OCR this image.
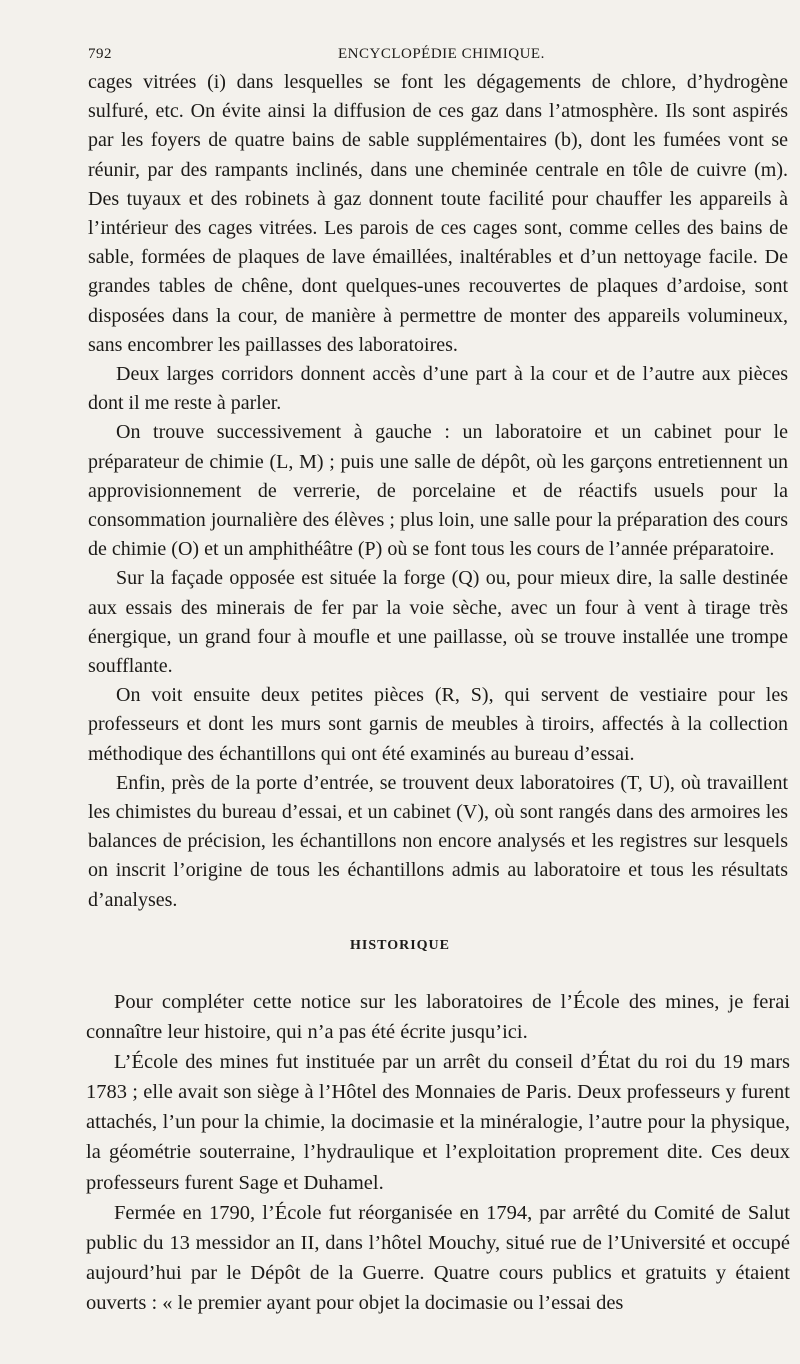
792	ENCYCLOPÉDIE CHIMIQUE.

cages vitrées (i) dans lesquelles se font les dégagements de chlore, d’hydrogène sulfuré, etc. On évite ainsi la diffusion de ces gaz dans l’atmosphère. Ils sont aspirés par les foyers de quatre bains de sable supplémentaires (b), dont les fumées vont se réunir, par des rampants inclinés, dans une cheminée centrale en tôle de cuivre (m). Des tuyaux et des robinets à gaz donnent toute facilité pour chauffer les appareils à l’intérieur des cages vitrées. Les parois de ces cages sont, comme celles des bains de sable, formées de plaques de lave émaillées, inaltérables et d’un nettoyage facile. De grandes tables de chêne, dont quelques-unes recouvertes de plaques d’ardoise, sont disposées dans la cour, de manière à permettre de monter des appareils volumineux, sans encombrer les paillasses des laboratoires.

Deux larges corridors donnent accès d’une part à la cour et de l’autre aux pièces dont il me reste à parler.

On trouve successivement à gauche : un laboratoire et un cabinet pour le préparateur de chimie (L, M) ; puis une salle de dépôt, où les garçons entretiennent un approvisionnement de verrerie, de porcelaine et de réactifs usuels pour la consommation journalière des élèves ; plus loin, une salle pour la préparation des cours de chimie (O) et un amphithéâtre (P) où se font tous les cours de l’année préparatoire.

Sur la façade opposée est située la forge (Q) ou, pour mieux dire, la salle destinée aux essais des minerais de fer par la voie sèche, avec un four à vent à tirage très énergique, un grand four à moufle et une paillasse, où se trouve installée une trompe soufflante.

On voit ensuite deux petites pièces (R, S), qui servent de vestiaire pour les professeurs et dont les murs sont garnis de meubles à tiroirs, affectés à la collection méthodique des échantillons qui ont été examinés au bureau d’essai.

Enfin, près de la porte d’entrée, se trouvent deux laboratoires (T, U), où travaillent les chimistes du bureau d’essai, et un cabinet (V), où sont rangés dans des armoires les balances de précision, les échantillons non encore analysés et les registres sur lesquels on inscrit l’origine de tous les échantillons admis au laboratoire et tous les résultats d’analyses.

HISTORIQUE

Pour compléter cette notice sur les laboratoires de l’École des mines, je ferai connaître leur histoire, qui n’a pas été écrite jusqu’ici.

L’École des mines fut instituée par un arrêt du conseil d’État du roi du 19 mars 1783 ; elle avait son siège à l’Hôtel des Monnaies de Paris. Deux professeurs y furent attachés, l’un pour la chimie, la docimasie et la minéralogie, l’autre pour la physique, la géométrie souterraine, l’hydraulique et l’exploitation proprement dite. Ces deux professeurs furent Sage et Duhamel.

Fermée en 1790, l’École fut réorganisée en 1794, par arrêté du Comité de Salut public du 13 messidor an II, dans l’hôtel Mouchy, situé rue de l’Université et occupé aujourd’hui par le Dépôt de la Guerre. Quatre cours publics et gratuits y étaient ouverts : « le premier ayant pour objet la docimasie ou l’essai des
